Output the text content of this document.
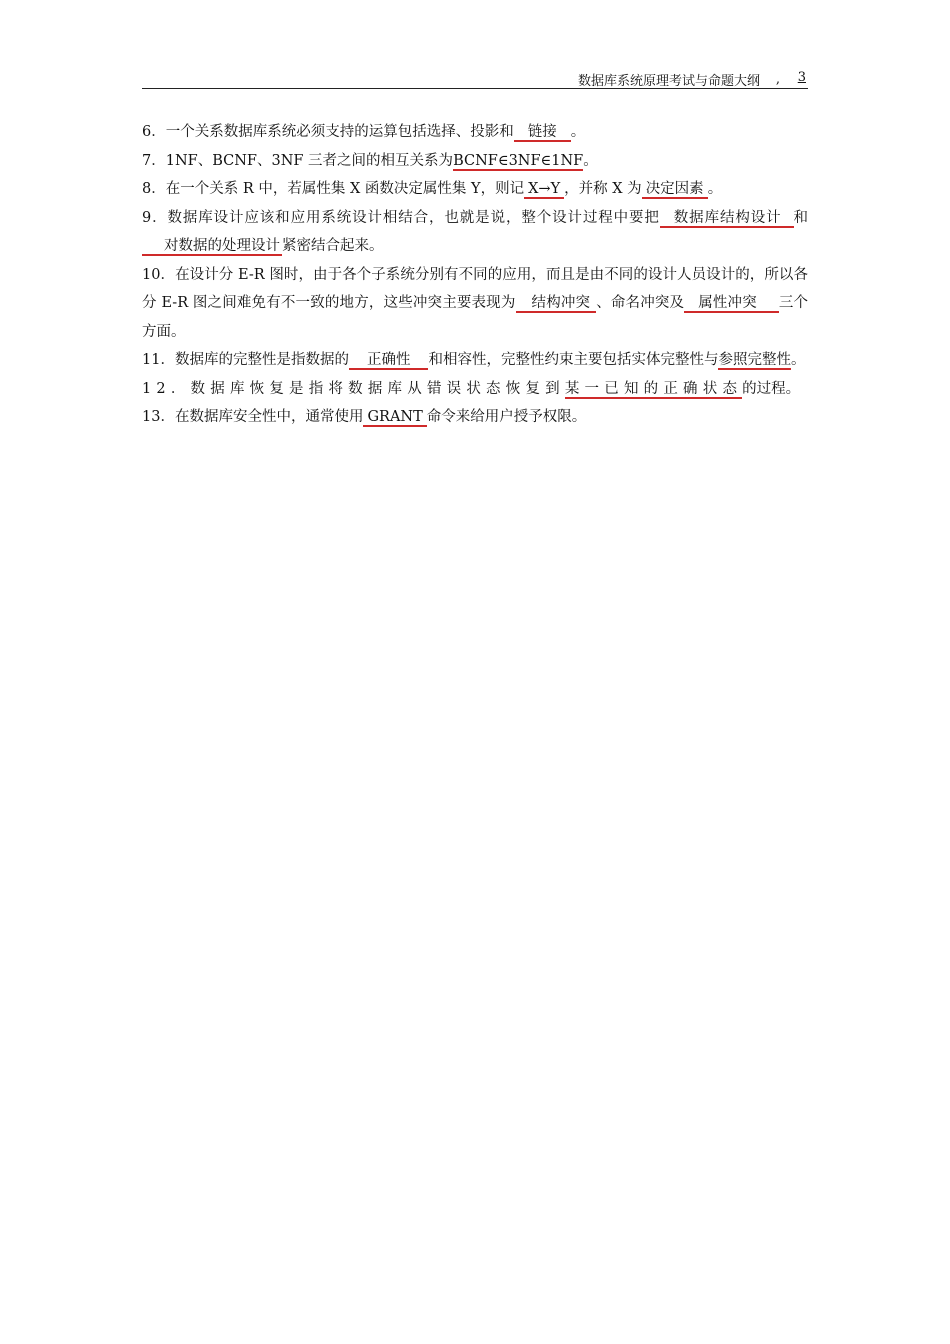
数据库系统原理考试与命题大纲 , 3

6．一个关系数据库系统必须支持的运算包括选择、投影和 链接 。

7．1NF、BCNF、3NF 三者之间的相互关系为BCNF∈3NF∈1NF。

8．在一个关系 R 中，若属性集 X 函数决定属性集 Y，则记 X→Y ，并称 X 为 决定因素 。

9．数据库设计应该和应用系统设计相结合，也就是说，整个设计过程中要把 数据库结构设计 和对数据的处理设计 紧密结合起来。

10．在设计分 E-R 图时，由于各个子系统分别有不同的应用，而且是由不同的设计人员设计的，所以各分 E-R 图之间难免有不一致的地方，这些冲突主要表现为 结构冲突 、命名冲突及 属性冲突 三个方面。

11．数据库的完整性是指数据的 正确性 和相容性，完整性约束主要包括实体完整性与参照完整性。

12．数据库恢复是指将数据库从错误状态恢复到某一已知的正确状态的过程。

13．在数据库安全性中，通常使用 GRANT 命令来给用户授予权限。
